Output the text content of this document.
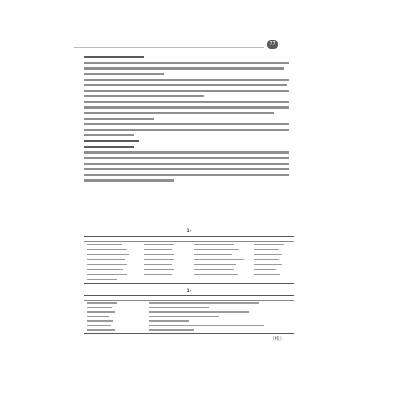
77
1-
1-
（续）
